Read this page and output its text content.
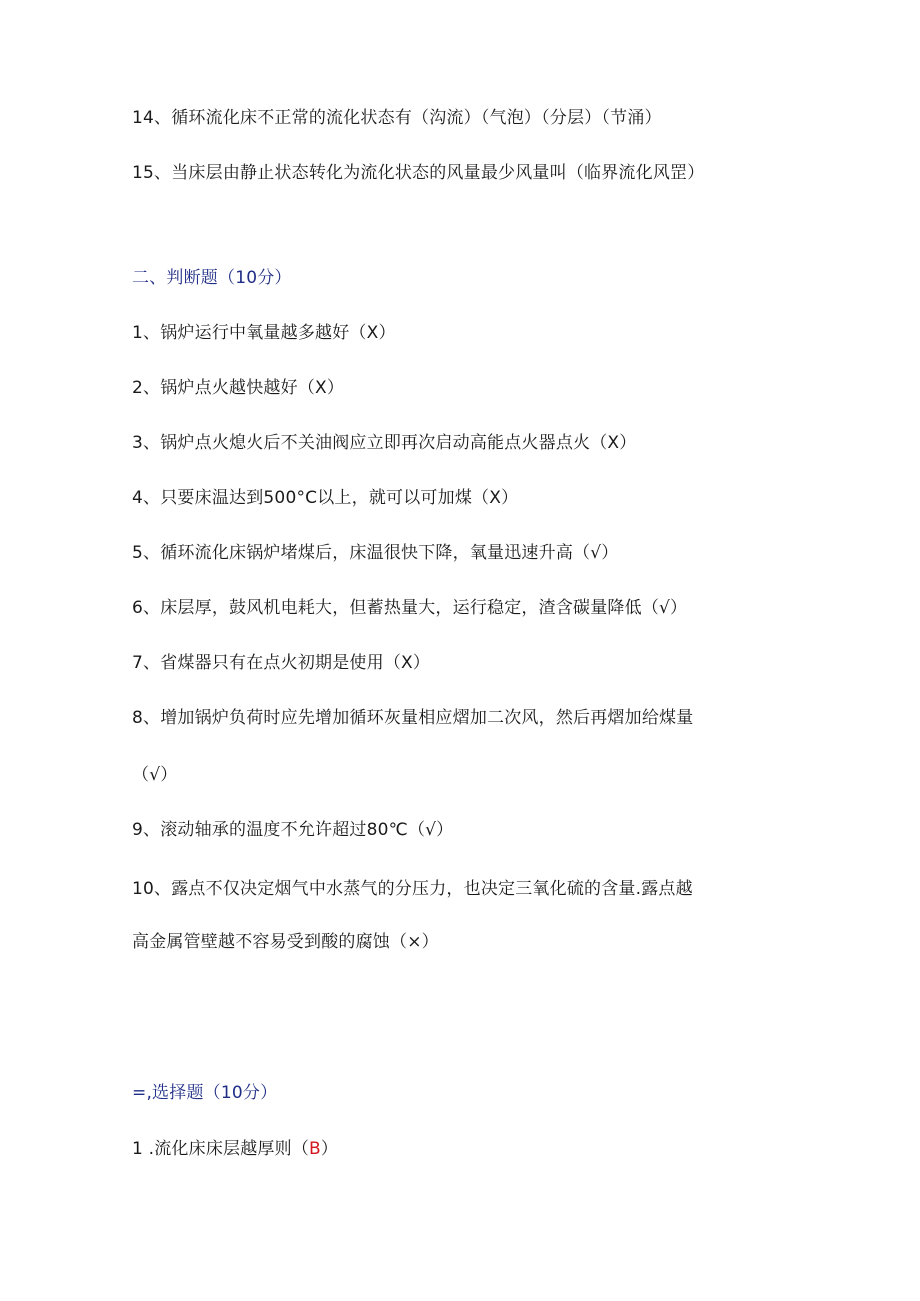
14、循环流化床不正常的流化状态有（沟流）（气泡）（分层）（节涌）
15、当床层由静止状态转化为流化状态的风量最少风量叫（临界流化风罡）
二、判断题（10分）
1、锅炉运行中氧量越多越好（X）
2、锅炉点火越快越好（X）
3、锅炉点火熄火后不关油阀应立即再次启动高能点火器点火（X）
4、只要床温达到500°C以上，就可以可加煤（X）
5、循环流化床锅炉堵煤后，床温很快下降，氧量迅速升高（√）
6、床层厚，鼓风机电耗大，但蓄热量大，运行稳定，渣含碳量降低（√）
7、省煤器只有在点火初期是使用（X）
8、增加锅炉负荷时应先增加循环灰量相应熠加二次风，然后再熠加给煤量
（√）
9、滚动轴承的温度不允许超过80℃（√）
10、露点不仅决定烟气中水蒸气的分压力，也决定三氧化硫的含量.露点越
高金属管壁越不容易受到酸的腐蚀（×）
=,选择题（10分）
1 .流化床床层越厚则（B）
